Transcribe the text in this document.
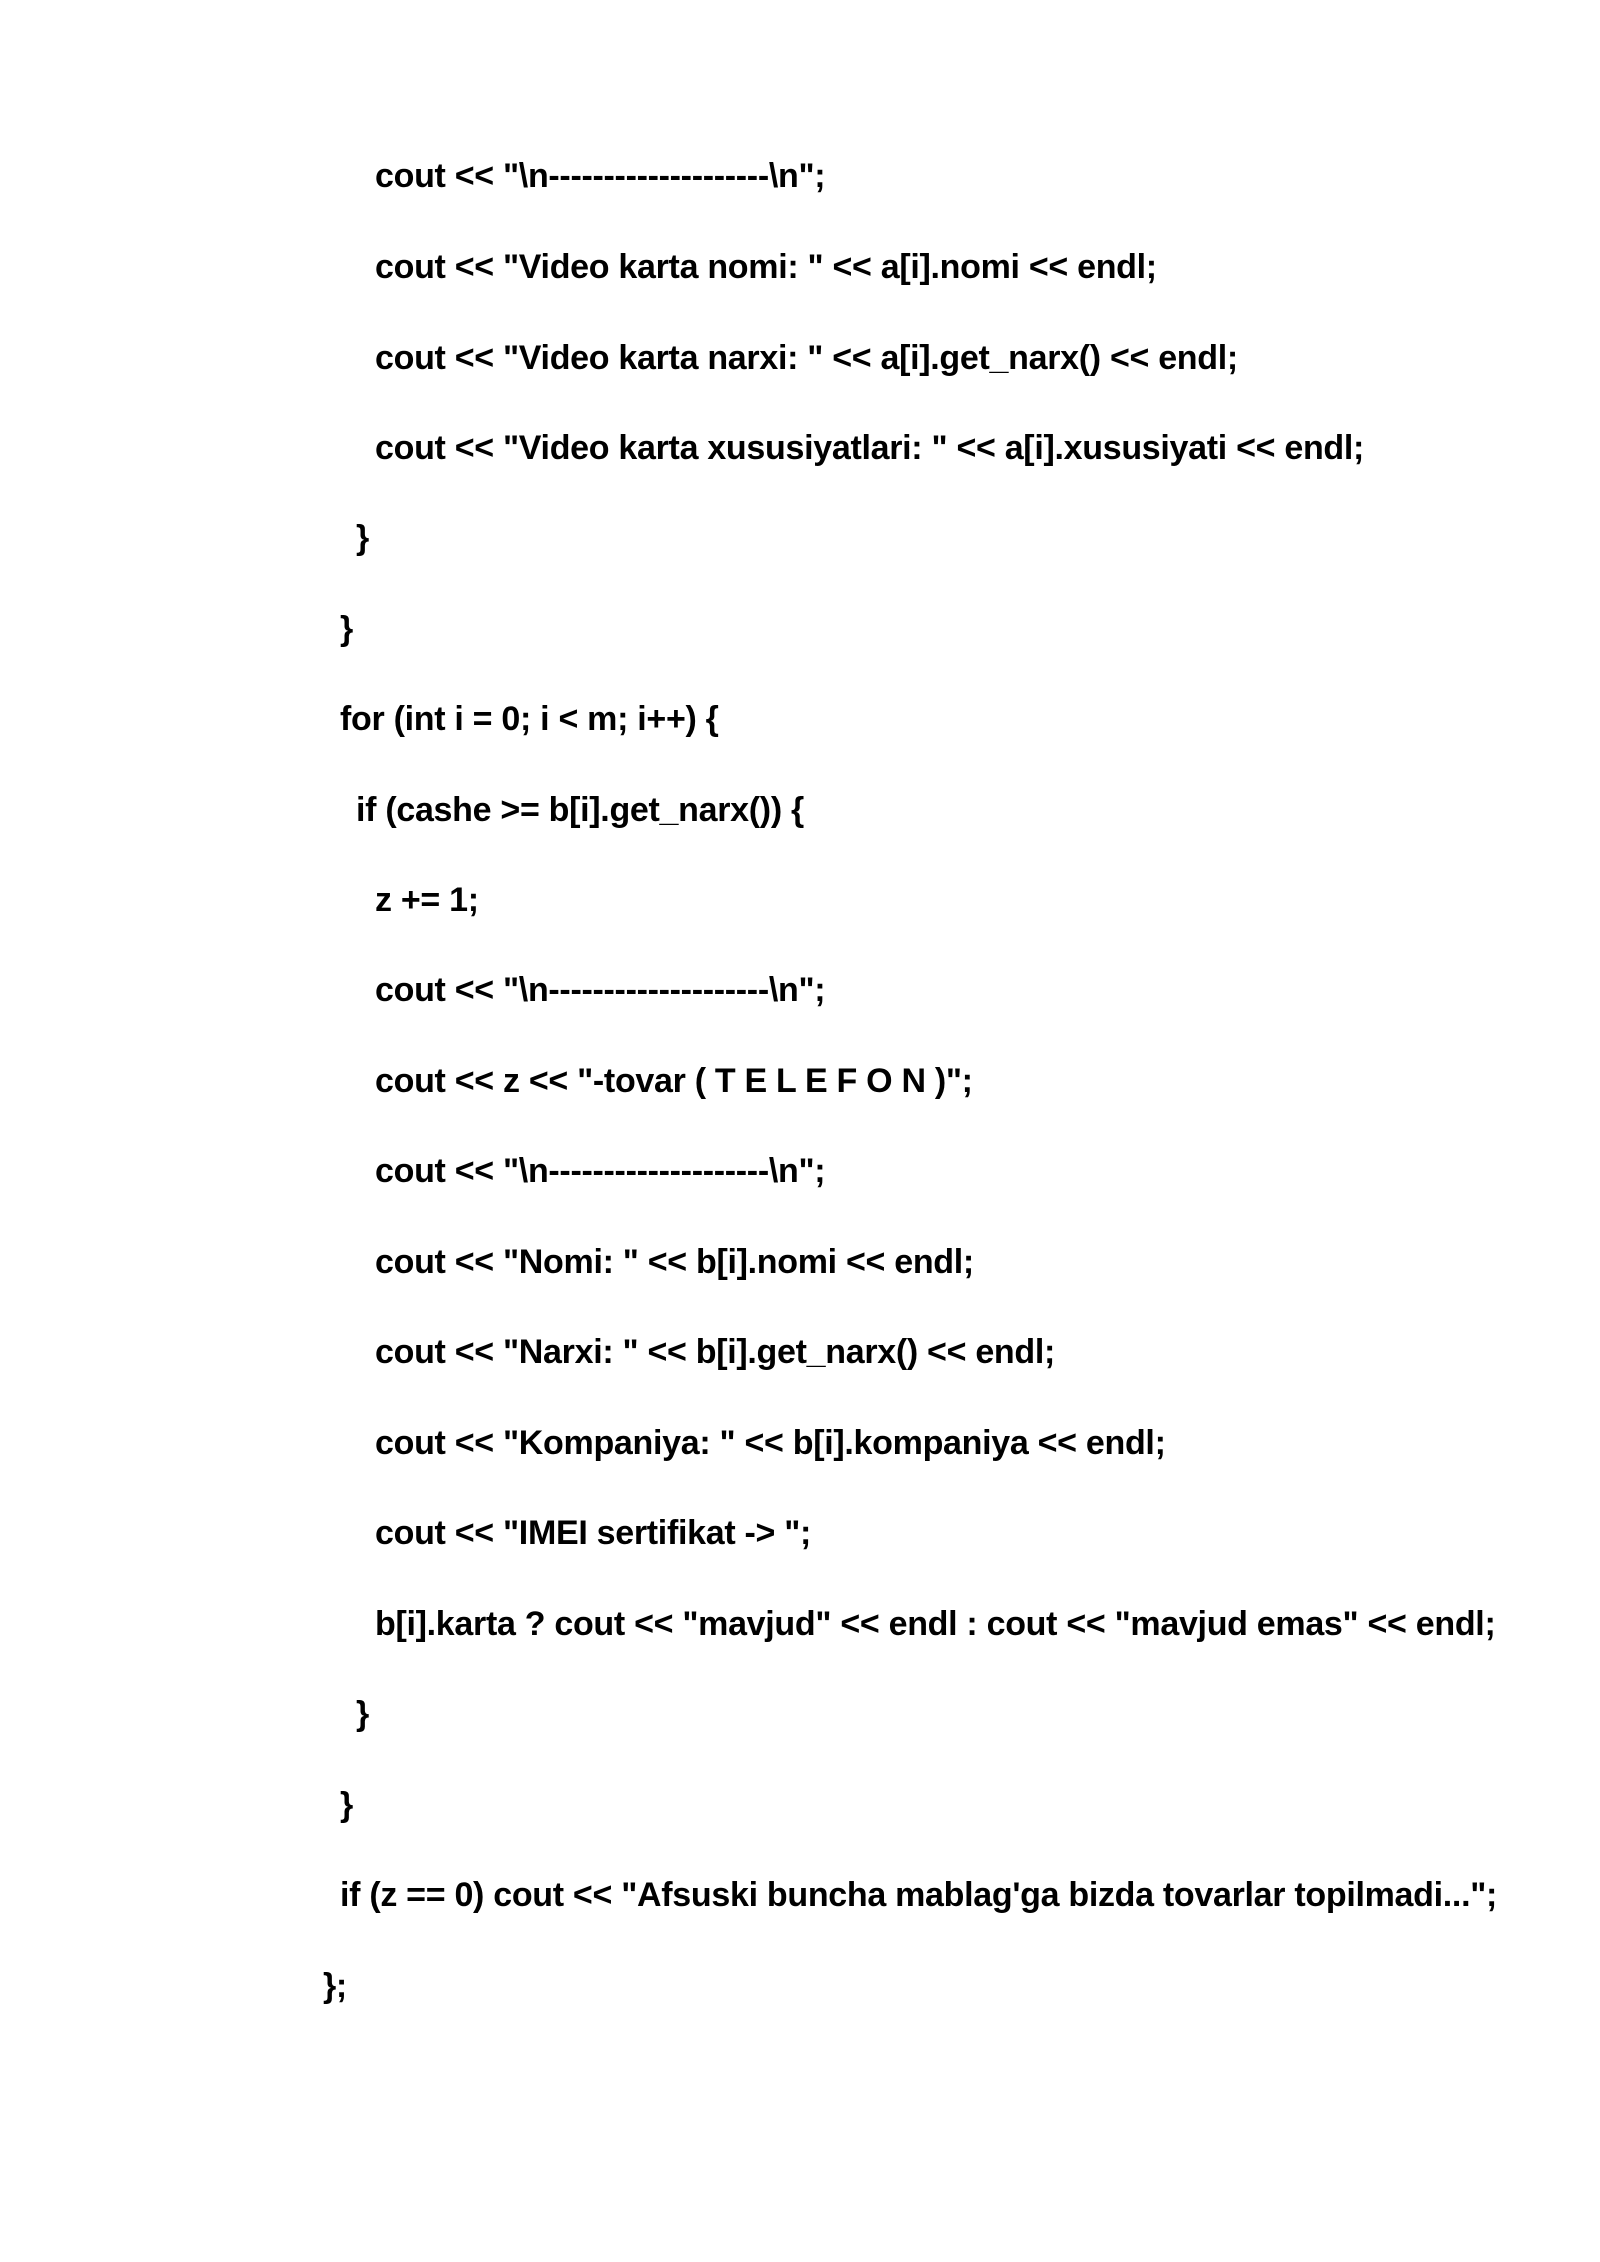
cout << "\n--------------------\n";
cout << "Video karta nomi: " << a[i].nomi << endl;
cout << "Video karta narxi: " << a[i].get_narx() << endl;
cout << "Video karta xususiyatlari: " << a[i].xususiyati << endl;
}
}
for (int i = 0; i < m; i++) {
if (cashe >= b[i].get_narx()) {
z += 1;
cout << "\n--------------------\n";
cout << z << "-tovar ( T E L E F O N )";
cout << "\n--------------------\n";
cout << "Nomi: " << b[i].nomi << endl;
cout << "Narxi: " << b[i].get_narx() << endl;
cout << "Kompaniya: " << b[i].kompaniya << endl;
cout << "IMEI sertifikat -> ";
b[i].karta ? cout << "mavjud" << endl : cout << "mavjud emas" << endl;
}
}
if (z == 0) cout << "Afsuski buncha mablag'ga bizda tovarlar topilmadi...";
};
